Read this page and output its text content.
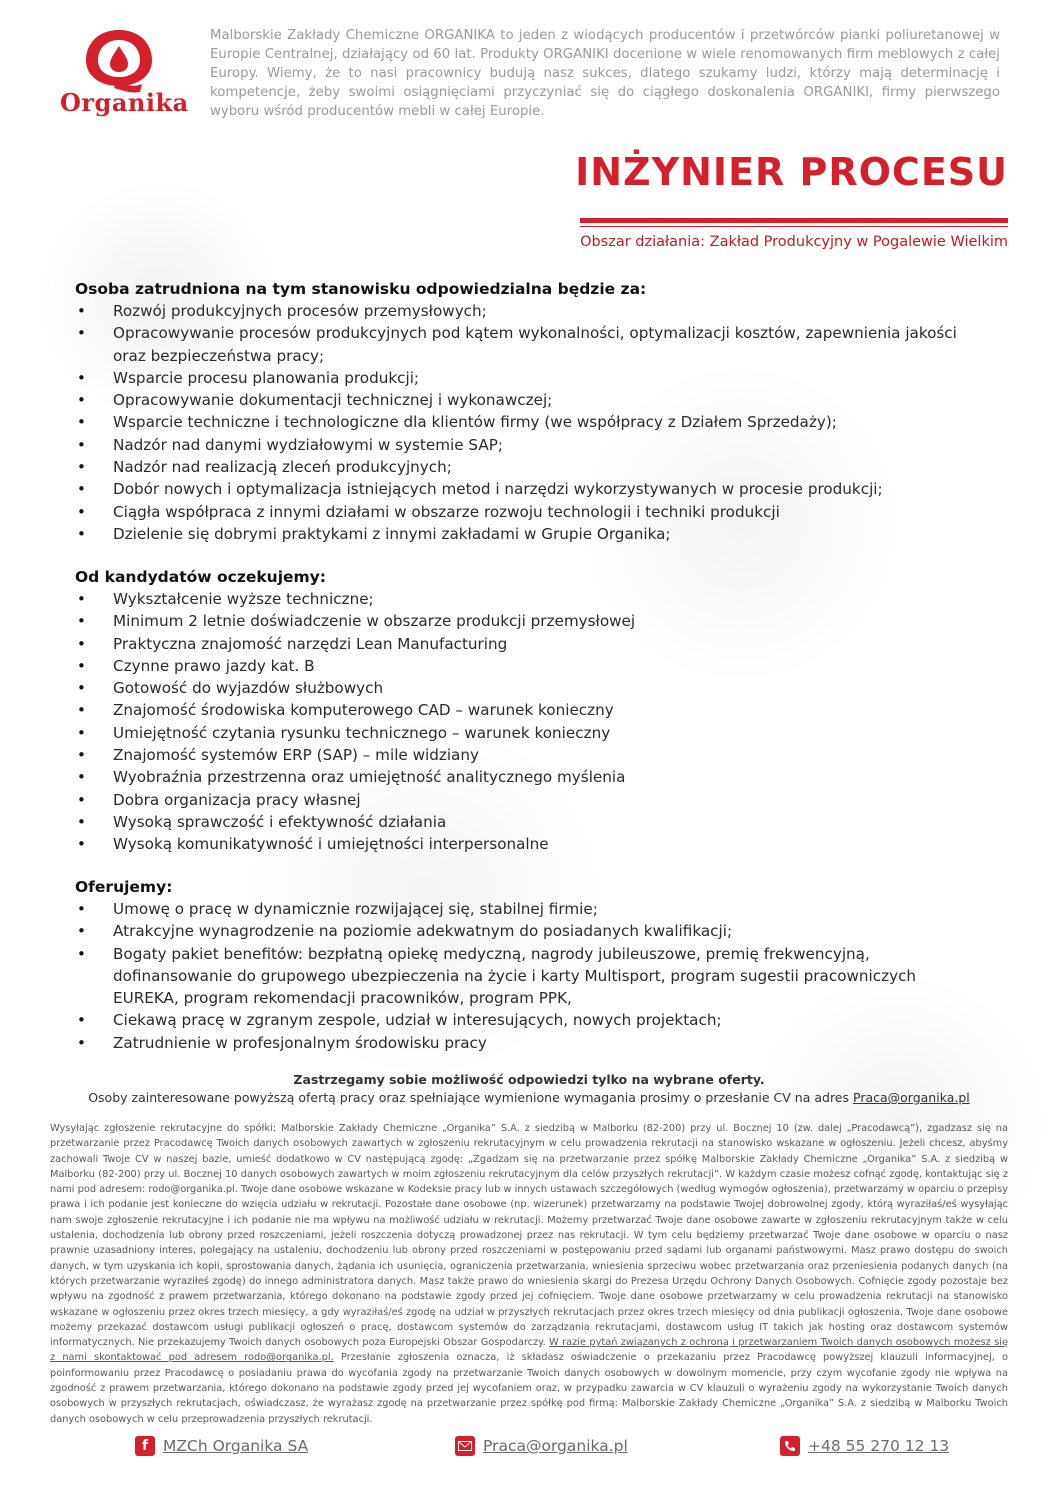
Organika
Malborskie Zakłady Chemiczne ORGANIKA to jeden z wiodących producentów i przetwórców pianki poliuretanowej w Europie Centralnej, działający od 60 lat. Produkty ORGANIKI docenione w wiele renomowanych firm meblowych z całej Europy. Wiemy, że to nasi pracownicy budują nasz sukces, dlatego szukamy ludzi, którzy mają determinację i kompetencje, żeby swoimi osiągnięciami przyczyniać się do ciągłego doskonalenia ORGANIKI, firmy pierwszego wyboru wśród producentów mebli w całej Europie.
INŻYNIER PROCESU
Obszar działania: Zakład Produkcyjny w Pogalewie Wielkim
Osoba zatrudniona na tym stanowisku odpowiedzialna będzie za:
• Rozwój produkcyjnych procesów przemysłowych;
• Opracowywanie procesów produkcyjnych pod kątem wykonalności, optymalizacji kosztów, zapewnienia jakości oraz bezpieczeństwa pracy;
• Wsparcie procesu planowania produkcji;
• Opracowywanie dokumentacji technicznej i wykonawczej;
• Wsparcie techniczne i technologiczne dla klientów firmy (we współpracy z Działem Sprzedaży);
• Nadzór nad danymi wydziałowymi w systemie SAP;
• Nadzór nad realizacją zleceń produkcyjnych;
• Dobór nowych i optymalizacja istniejących metod i narzędzi wykorzystywanych w procesie produkcji;
• Ciągła współpraca z innymi działami w obszarze rozwoju technologii i techniki produkcji
• Dzielenie się dobrymi praktykami z innymi zakładami w Grupie Organika;
Od kandydatów oczekujemy:
• Wykształcenie wyższe techniczne;
• Minimum 2 letnie doświadczenie w obszarze produkcji przemysłowej
• Praktyczna znajomość narzędzi Lean Manufacturing
• Czynne prawo jazdy kat. B
• Gotowość do wyjazdów służbowych
• Znajomość środowiska komputerowego CAD – warunek konieczny
• Umiejętność czytania rysunku technicznego – warunek konieczny
• Znajomość systemów ERP (SAP) – mile widziany
• Wyobraźnia przestrzenna oraz umiejętność analitycznego myślenia
• Dobra organizacja pracy własnej
• Wysoką sprawczość i efektywność działania
• Wysoką komunikatywność i umiejętności interpersonalne
Oferujemy:
• Umowę o pracę w dynamicznie rozwijającej się, stabilnej firmie;
• Atrakcyjne wynagrodzenie na poziomie adekwatnym do posiadanych kwalifikacji;
• Bogaty pakiet benefitów: bezpłatną opiekę medyczną, nagrody jubileuszowe, premię frekwencyjną, dofinansowanie do grupowego ubezpieczenia na życie i karty Multisport, program sugestii pracowniczych EUREKA, program rekomendacji pracowników, program PPK,
• Ciekawą pracę w zgranym zespole, udział w interesujących, nowych projektach;
• Zatrudnienie w profesjonalnym środowisku pracy
Zastrzegamy sobie możliwość odpowiedzi tylko na wybrane oferty.
Osoby zainteresowane powyższą ofertą pracy oraz spełniające wymienione wymagania prosimy o przesłanie CV na adres Praca@organika.pl
Wysyłając zgłoszenie rekrutacyjne do spółki: Malborskie Zakłady Chemiczne „Organika” S.A. z siedzibą w Malborku (82-200) przy ul. Bocznej 10 (zw. dalej „Pracodawcą”), zgadzasz się na przetwarzanie przez Pracodawcę Twoich danych osobowych zawartych w zgłoszeniu rekrutacyjnym w celu prowadzenia rekrutacji na stanowisko wskazane w ogłoszeniu. Jeżeli chcesz, abyśmy zachowali Twoje CV w naszej bazie, umieść dodatkowo w CV następującą zgodę: „Zgadzam się na przetwarzanie przez spółkę Malborskie Zakłady Chemiczne „Organika” S.A. z siedzibą w Malborku (82-200) przy ul. Bocznej 10 danych osobowych zawartych w moim zgłoszeniu rekrutacyjnym dla celów przyszłych rekrutacji”. W każdym czasie możesz cofnąć zgodę, kontaktując się z nami pod adresem: rodo@organika.pl. Twoje dane osobowe wskazane w Kodeksie pracy lub w innych ustawach szczegółowych (według wymogów ogłoszenia), przetwarzamy w oparciu o przepisy prawa i ich podanie jest konieczne do wzięcia udziału w rekrutacji. Pozostałe dane osobowe (np. wizerunek) przetwarzamy na podstawie Twojej dobrowolnej zgody, którą wyraziłaś/eś wysyłając nam swoje zgłoszenie rekrutacyjne i ich podanie nie ma wpływu na możliwość udziału w rekrutacji. Możemy przetwarzać Twoje dane osobowe zawarte w zgłoszeniu rekrutacyjnym także w celu ustalenia, dochodzenia lub obrony przed roszczeniami, jeżeli roszczenia dotyczą prowadzonej przez nas rekrutacji. W tym celu będziemy przetwarzać Twoje dane osobowe w oparciu o nasz prawnie uzasadniony interes, polegający na ustaleniu, dochodzeniu lub obrony przed roszczeniami w postępowaniu przed sądami lub organami państwowymi. Masz prawo dostępu do swoich danych, w tym uzyskania ich kopii, sprostowania danych, żądania ich usunięcia, ograniczenia przetwarzania, wniesienia sprzeciwu wobec przetwarzania oraz przeniesienia podanych danych (na których przetwarzanie wyraziłeś zgodę) do innego administratora danych. Masz także prawo do wniesienia skargi do Prezesa Urzędu Ochrony Danych Osobowych. Cofnięcie zgody pozostaje bez wpływu na zgodność z prawem przetwarzania, którego dokonano na podstawie zgody przed jej cofnięciem. Twoje dane osobowe przetwarzamy w celu prowadzenia rekrutacji na stanowisko wskazane w ogłoszeniu przez okres trzech miesięcy, a gdy wyraziłaś/eś zgodę na udział w przyszłych rekrutacjach przez okres trzech miesięcy od dnia publikacji ogłoszenia. Twoje dane osobowe możemy przekazać dostawcom usługi publikacji ogłoszeń o pracę, dostawcom systemów do zarządzania rekrutacjami, dostawcom usług IT takich jak hosting oraz dostawcom systemów informatycznych. Nie przekazujemy Twoich danych osobowych poza Europejski Obszar Gospodarczy. W razie pytań związanych z ochroną i przetwarzaniem Twoich danych osobowych możesz się z nami skontaktować pod adresem rodo@organika.pl. Przesłanie zgłoszenia oznacza, iż składasz oświadczenie o przekazaniu przez Pracodawcę powyższej klauzuli informacyjnej, o poinformowaniu przez Pracodawcę o posiadaniu prawa do wycofania zgody na przetwarzanie Twoich danych osobowych w dowolnym momencie, przy czym wycofanie zgody nie wpływa na zgodność z prawem przetwarzania, którego dokonano na podstawie zgody przed jej wycofaniem oraz, w przypadku zawarcia w CV klauzuli o wyrażeniu zgody na wykorzystanie Twoich danych osobowych w przyszłych rekrutacjach, oświadczasz, że wyrażasz zgodę na przetwarzanie przez spółkę pod firmą: Malborskie Zakłady Chemiczne „Organika” S.A. z siedzibą w Malborku Twoich danych osobowych w celu przeprowadzenia przyszłych rekrutacji.
f MZCh Organika SA	Praca@organika.pl	+48 55 270 12 13
